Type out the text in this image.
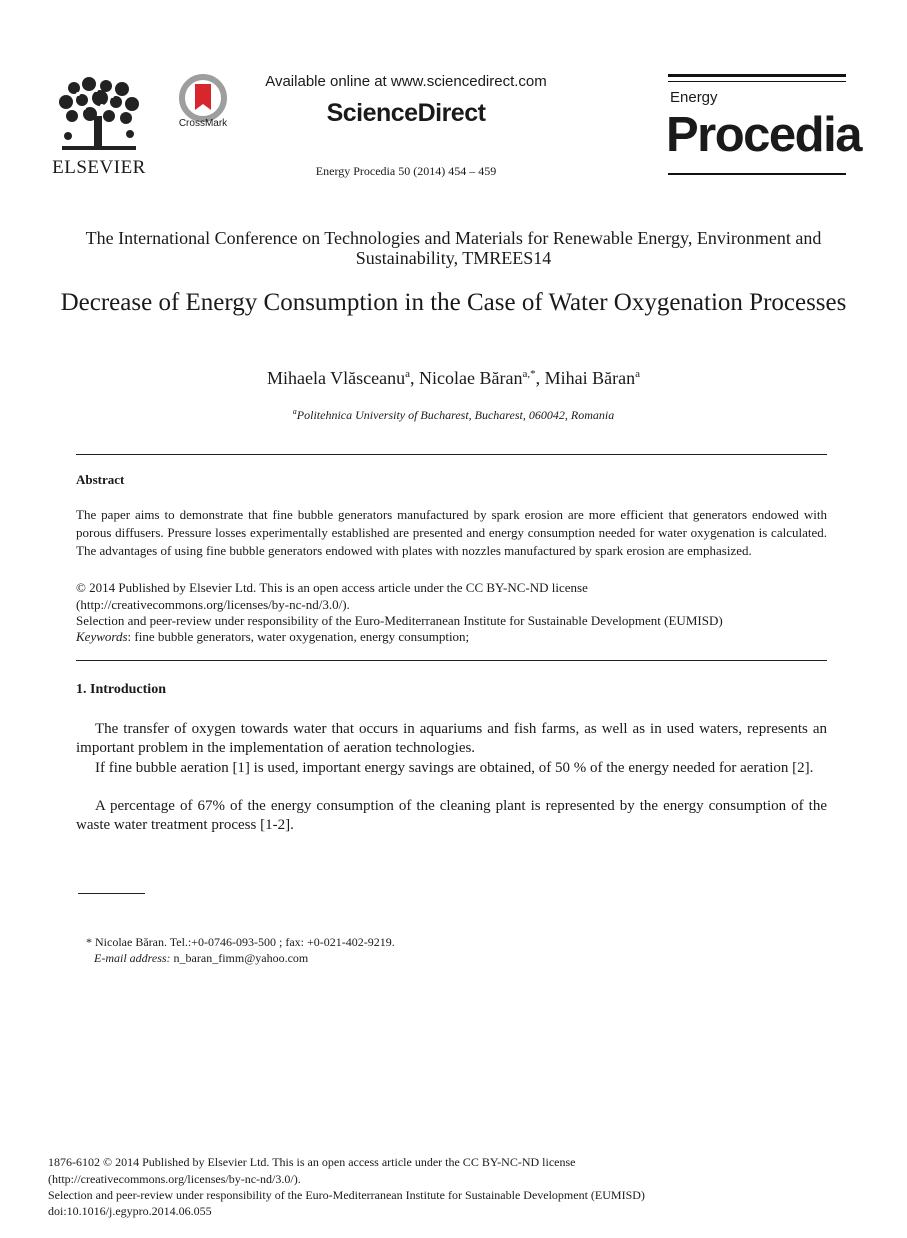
ELSEVIER
CrossMark
Available online at www.sciencedirect.com
ScienceDirect
Energy Procedia 50 (2014) 454 – 459
Energy
Procedia
The International Conference on Technologies and Materials for Renewable Energy, Environment and Sustainability, TMREES14
Decrease of Energy Consumption in the Case of Water Oxygenation Processes
Mihaela Vlăsceanu$^a$, Nicolae Băran$^{a,*}$, Mihai Băran$^a$
$^a$Politehnica University of Bucharest, Bucharest, 060042, Romania
Abstract
The paper aims to demonstrate that fine bubble generators manufactured by spark erosion are more efficient that generators endowed with porous diffusers. Pressure losses experimentally established are presented and energy consumption needed for water oxygenation is calculated. The advantages of using fine bubble generators endowed with plates with nozzles manufactured by spark erosion are emphasized.
© 2014 Published by Elsevier Ltd. This is an open access article under the CC BY-NC-ND license
(http://creativecommons.org/licenses/by-nc-nd/3.0/).
Selection and peer-review under responsibility of the Euro-Mediterranean Institute for Sustainable Development (EUMISD)
Keywords: fine bubble generators, water oxygenation, energy consumption;
1. Introduction
The transfer of oxygen towards water that occurs in aquariums and fish farms, as well as in used waters, represents an important problem in the implementation of aeration technologies.
If fine bubble aeration [1] is used, important energy savings are obtained, of 50 % of the energy needed for aeration [2].
A percentage of 67% of the energy consumption of the cleaning plant is represented by the energy consumption of the waste water treatment process [1-2].
* Nicolae Băran. Tel.:+0-0746-093-500 ; fax: +0-021-402-9219.
E-mail address: n_baran_fimm@yahoo.com
1876-6102 © 2014 Published by Elsevier Ltd. This is an open access article under the CC BY-NC-ND license
(http://creativecommons.org/licenses/by-nc-nd/3.0/).
Selection and peer-review under responsibility of the Euro-Mediterranean Institute for Sustainable Development (EUMISD)
doi:10.1016/j.egypro.2014.06.055
